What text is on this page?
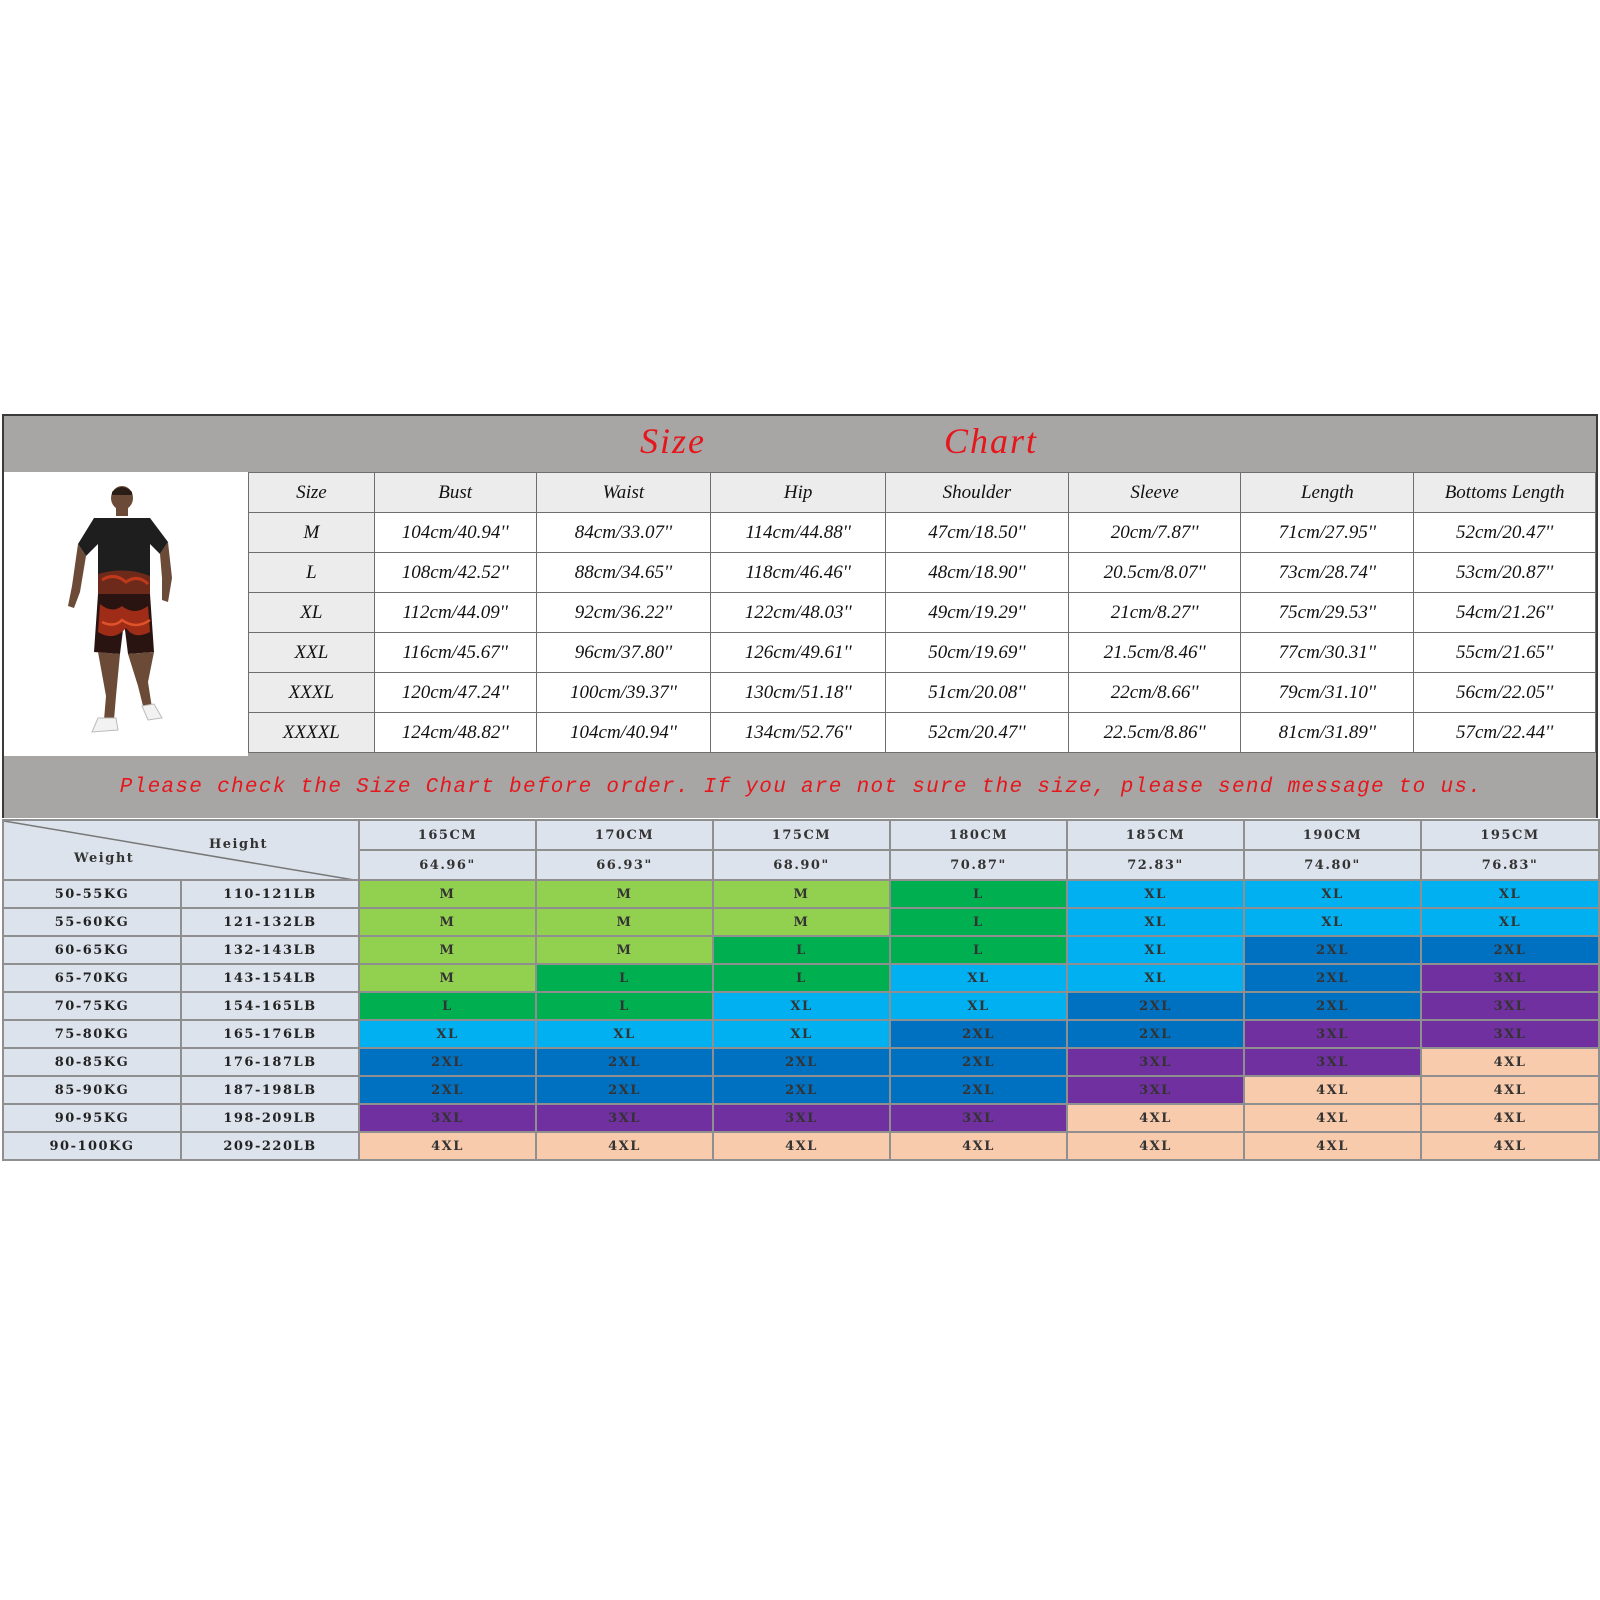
Size	Chart
Size	Bust	Waist	Hip	Shoulder	Sleeve	Length	Bottoms Length
M	104cm/40.94''	84cm/33.07''	114cm/44.88''	47cm/18.50''	20cm/7.87''	71cm/27.95''	52cm/20.47''
L	108cm/42.52''	88cm/34.65''	118cm/46.46''	48cm/18.90''	20.5cm/8.07''	73cm/28.74''	53cm/20.87''
XL	112cm/44.09''	92cm/36.22''	122cm/48.03''	49cm/19.29''	21cm/8.27''	75cm/29.53''	54cm/21.26''
XXL	116cm/45.67''	96cm/37.80''	126cm/49.61''	50cm/19.69''	21.5cm/8.46''	77cm/30.31''	55cm/21.65''
XXXL	120cm/47.24''	100cm/39.37''	130cm/51.18''	51cm/20.08''	22cm/8.66''	79cm/31.10''	56cm/22.05''
XXXXL	124cm/48.82''	104cm/40.94''	134cm/52.76''	52cm/20.47''	22.5cm/8.86''	81cm/31.89''	57cm/22.44''
Please check the Size Chart before order. If you are not sure the size, please send message to us.
Height
Weight		165CM	170CM	175CM	180CM	185CM	190CM	195CM
		64.96"	66.93"	68.90"	70.87"	72.83"	74.80"	76.83"
50-55KG	110-121LB	M	M	M	L	XL	XL	XL
55-60KG	121-132LB	M	M	M	L	XL	XL	XL
60-65KG	132-143LB	M	M	L	L	XL	2XL	2XL
65-70KG	143-154LB	M	L	L	XL	XL	2XL	3XL
70-75KG	154-165LB	L	L	XL	XL	2XL	2XL	3XL
75-80KG	165-176LB	XL	XL	XL	2XL	2XL	3XL	3XL
80-85KG	176-187LB	2XL	2XL	2XL	2XL	3XL	3XL	4XL
85-90KG	187-198LB	2XL	2XL	2XL	2XL	3XL	4XL	4XL
90-95KG	198-209LB	3XL	3XL	3XL	3XL	4XL	4XL	4XL
90-100KG	209-220LB	4XL	4XL	4XL	4XL	4XL	4XL	4XL
